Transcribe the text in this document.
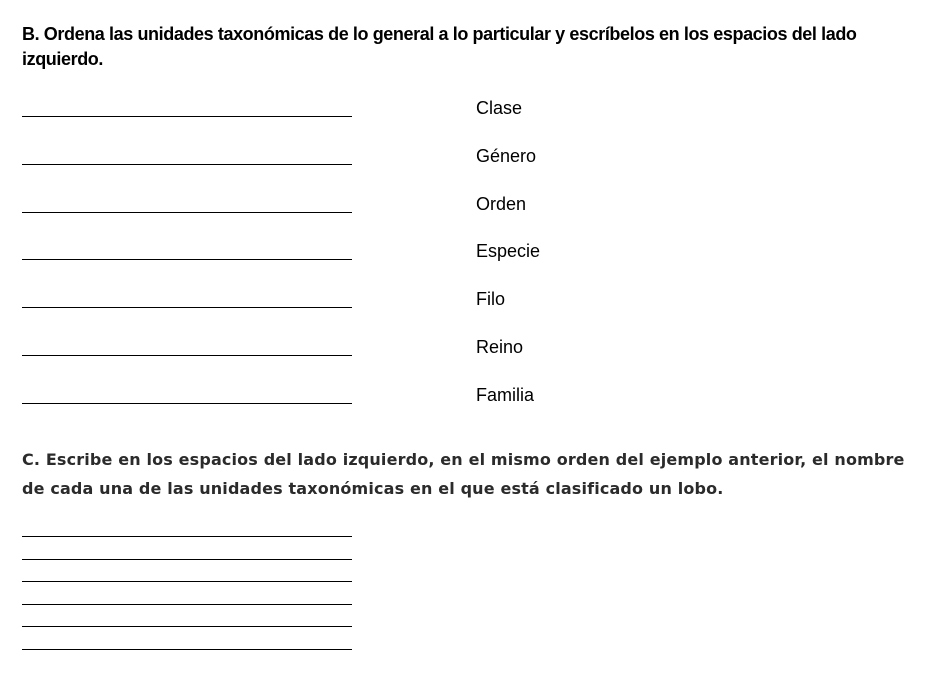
B. Ordena las unidades taxonómicas de lo general a lo particular y escríbelos en los espacios del lado izquierdo.
Clase
Género
Orden
Especie
Filo
Reino
Familia
C. Escribe en los espacios del lado izquierdo, en el mismo orden del ejemplo anterior, el nombre de cada una de las unidades taxonómicas en el que está clasificado un lobo.
